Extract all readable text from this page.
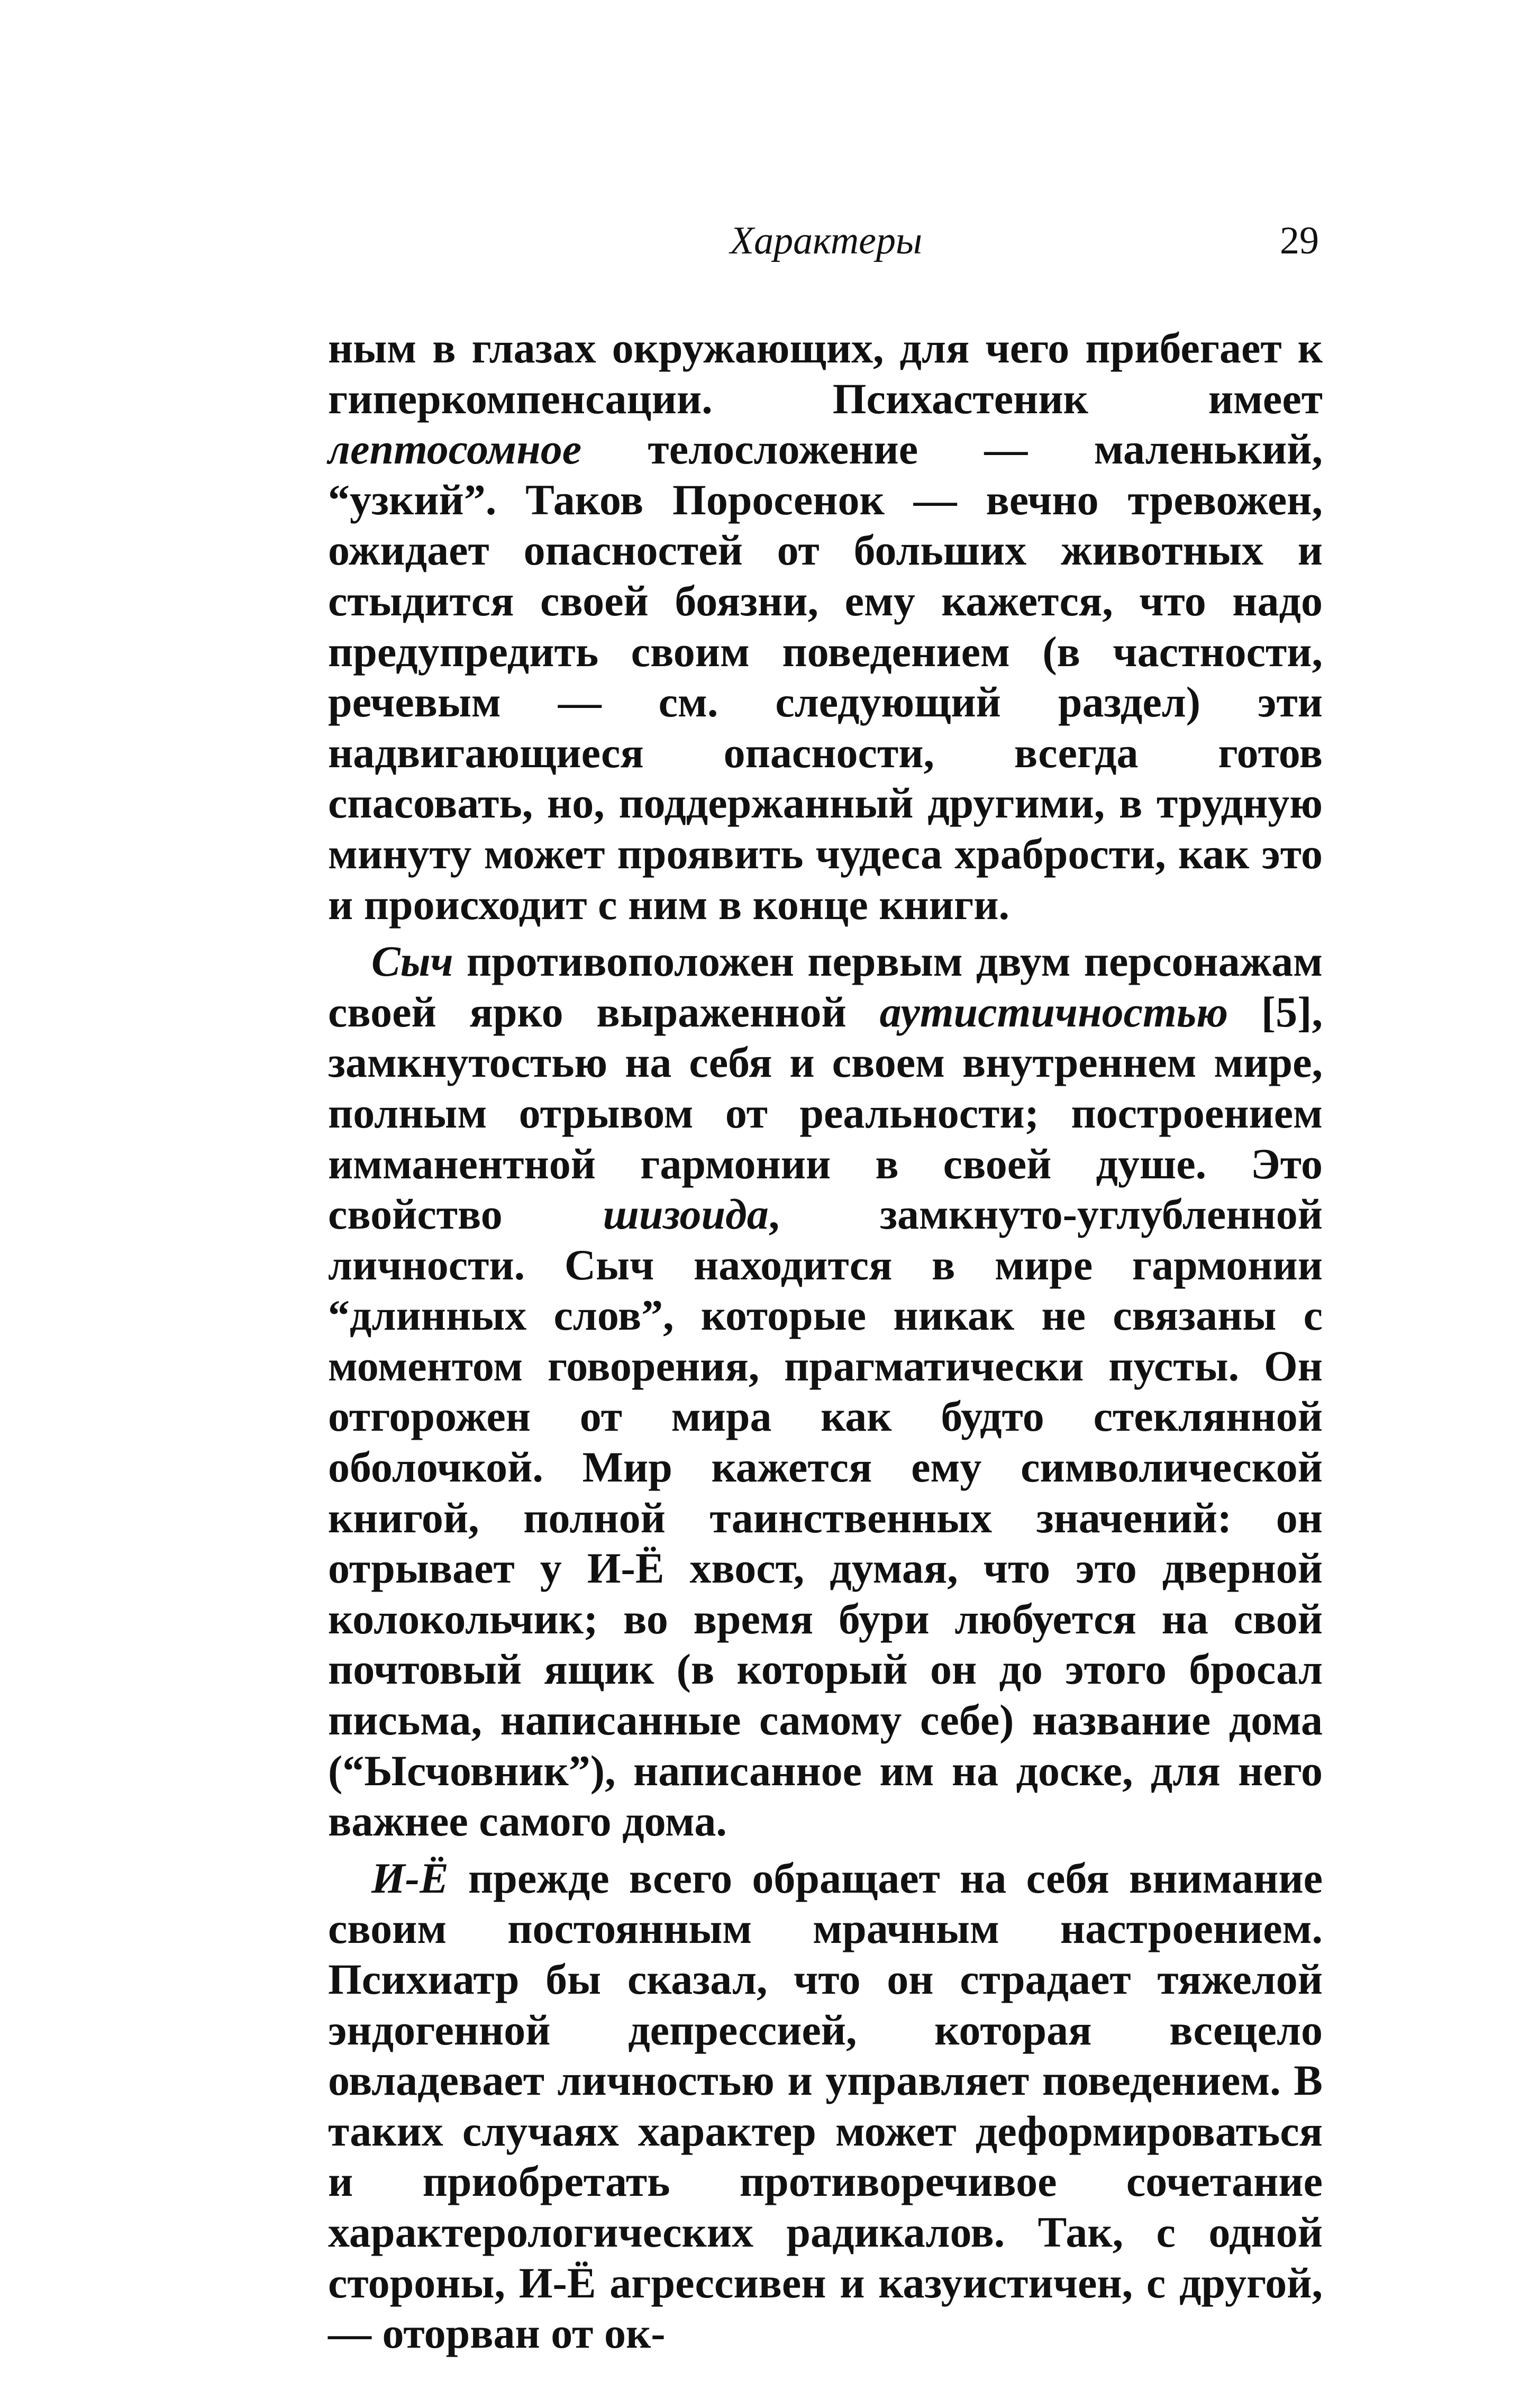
Характеры	29

ным в глазах окружающих, для чего прибегает к гиперкомпенсации. Психастеник имеет лептосомное телосложение — маленький, “узкий”. Таков Поросенок — вечно тревожен, ожидает опасностей от больших животных и стыдится своей боязни, ему кажется, что надо предупредить своим поведением (в частности, речевым — см. следующий раздел) эти надвигающиеся опасности, всегда готов спасовать, но, поддержанный другими, в трудную минуту может проявить чудеса храбрости, как это и происходит с ним в конце книги.

Сыч противоположен первым двум персонажам своей ярко выраженной аутистичностью [5], замкнутостью на себя и своем внутреннем мире, полным отрывом от реальности; построением имманентной гармонии в своей душе. Это свойство шизоида, замкнуто-углубленной личности. Сыч находится в мире гармонии “длинных слов”, которые никак не связаны с моментом говорения, прагматически пусты. Он отгорожен от мира как будто стеклянной оболочкой. Мир кажется ему символической книгой, полной таинственных значений: он отрывает у И-Ё хвост, думая, что это дверной колокольчик; во время бури любуется на свой почтовый ящик (в который он до этого бросал письма, написанные самому себе) название дома (“Ысчовник”), написанное им на доске, для него важнее самого дома.

И-Ё прежде всего обращает на себя внимание своим постоянным мрачным настроением. Психиатр бы сказал, что он страдает тяжелой эндогенной депрессией, которая всецело овладевает личностью и управляет поведением. В таких случаях характер может деформироваться и приобретать противоречивое сочетание характерологических радикалов. Так, с одной стороны, И-Ё агрессивен и казуистичен, с другой, — оторван от ок-
